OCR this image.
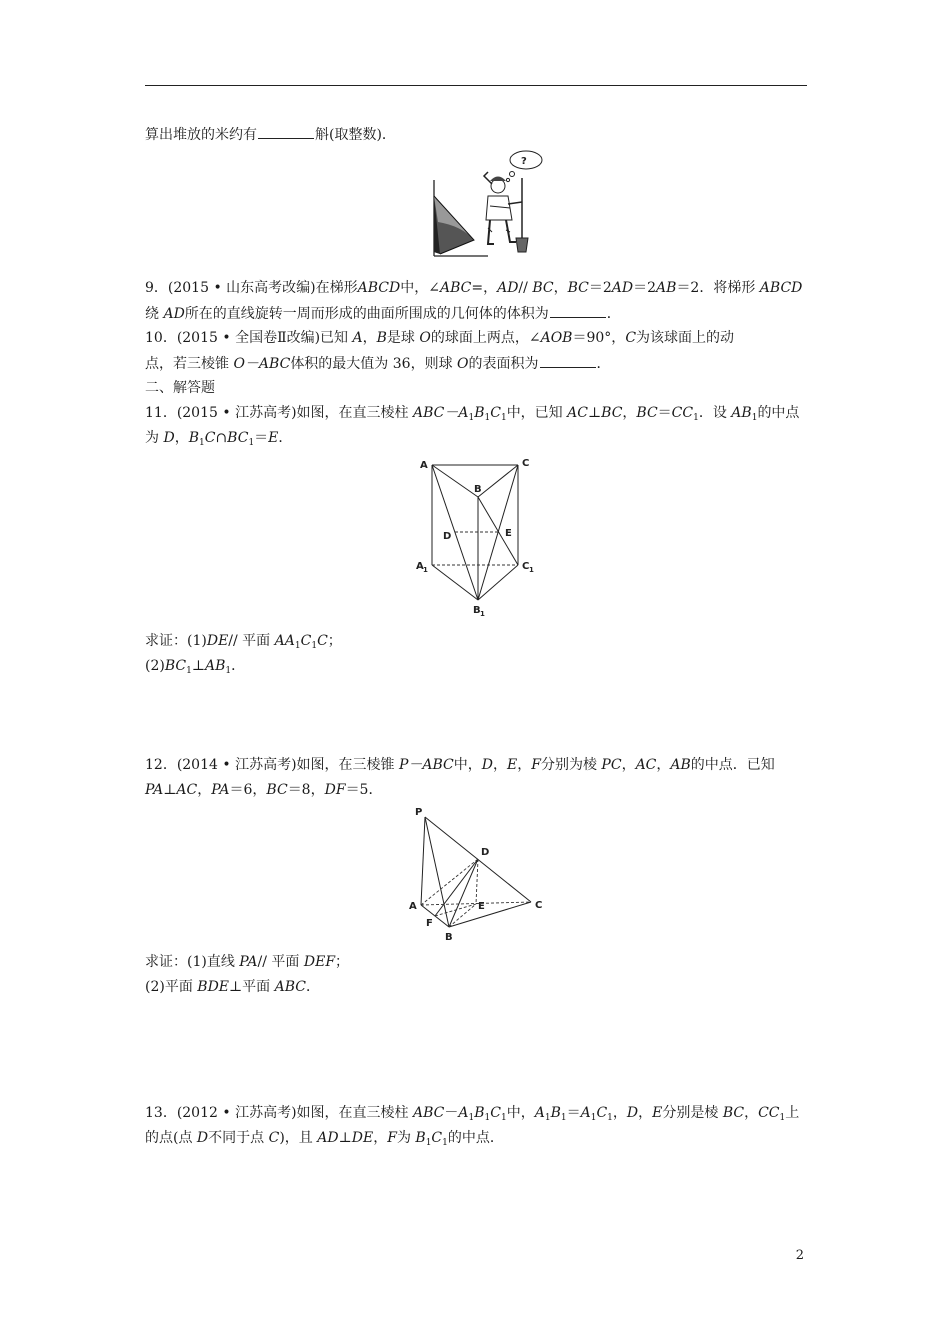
算出堆放的米约有	斛(取整数)．
?
9．(2015 • 山东高考改编)在梯形ABCD中，∠ABC=，AD// BC，BC＝2AD＝2AB＝2．将梯形 ABCD
绕 AD所在的直线旋转一周而形成的曲面所围成的几何体的体积为	．
10．(2015 • 全国卷Ⅱ改编)已知 A，B是球 O的球面上两点，∠AOB＝90°，C为该球面上的动
点，若三棱锥 O－ABC体积的最大值为 36，则球 O的表面积为	．
二、解答题
11．(2015 • 江苏高考)如图，在直三棱柱 $ABC-A_1B_1C_1$中，已知 AC⊥BC，$BC=CC_1$．设 $AB_1$的中点
为 D，$B_1C\cap BC_1=E$．
A	C
B
D	E
A 1	C 1
B 1
求证：(1)DE// 平面 $AA_1C_1C$；
$(2)BC_1\perp AB_1$．
12．(2014 • 江苏高考)如图，在三棱锥 P－ABC中，D，E，F分别为棱 PC，AC，AB的中点．已知
PA⊥AC，PA＝6，BC＝8，DF＝5．
P
D
A	E	C
F
B
求证：(1)直线 PA// 平面 DEF；
(2)平面 BDE⊥平面 ABC．
13．(2012 • 江苏高考)如图，在直三棱柱 $ABC-A_1B_1C_1$中，$A_1B_1=A_1C_1$，D，E分别是棱 BC，$CC_1$上
的点(点 D不同于点 C)，且 AD⊥DE，F为 $B_1C_1$的中点．
2
